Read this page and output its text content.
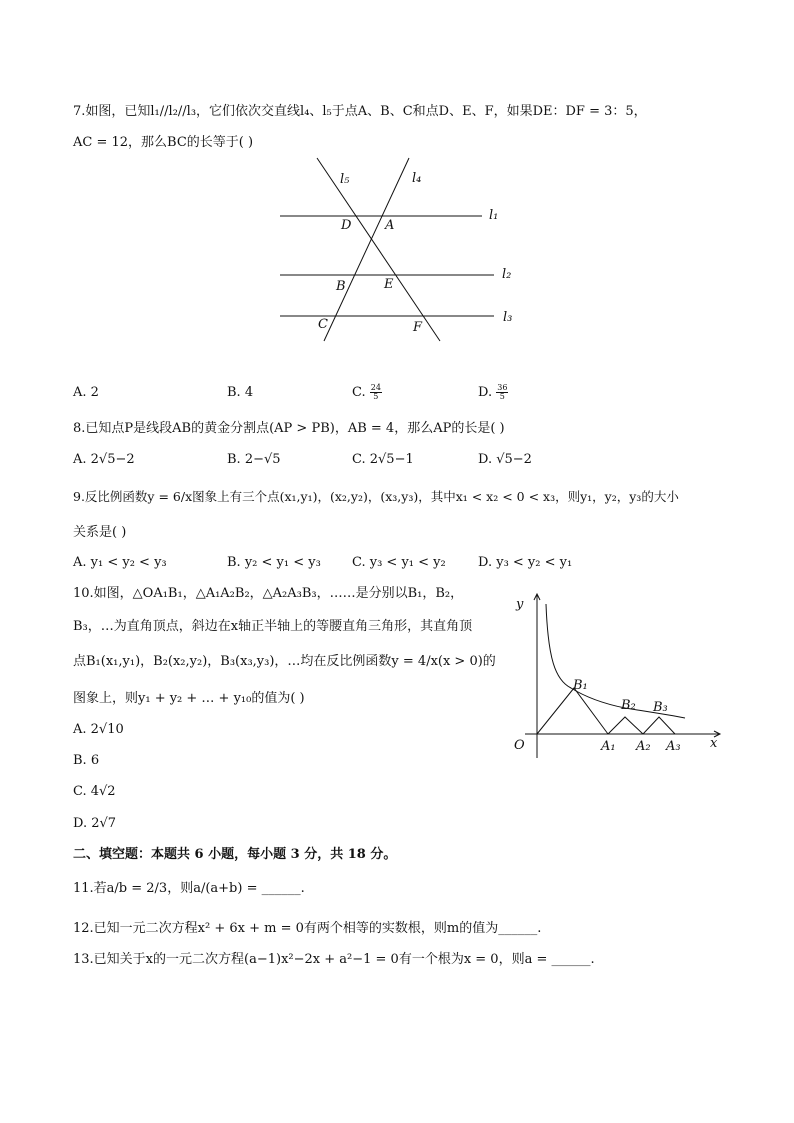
7.如图，已知l₁//l₂//l₃，它们依次交直线l₄、l₅于点A、B、C和点D、E、F，如果DE：DF = 3：5，
AC = 12，那么BC的长等于( )
l₅	l₄
l₁
l₂
l₃
D	A
B	E
C	F
A. 2	B. 4	C. $\frac{24}{5}$	D. $\frac{36}{5}$
8.已知点P是线段AB的黄金分割点(AP > PB)，AB = 4，那么AP的长是( )
A. 2√5−2	B. 2−√5	C. 2√5−1	D. √5−2
9.反比例函数y = 6/x图象上有三个点(x₁,y₁)，(x₂,y₂)，(x₃,y₃)，其中x₁ < x₂ < 0 < x₃，则y₁，y₂，y₃的大小
关系是( )
A. y₁ < y₂ < y₃	B. y₂ < y₁ < y₃ C. y₃ < y₁ < y₂ D. y₃ < y₂ < y₁
10.如图，△OA₁B₁，△A₁A₂B₂，△A₂A₃B₃，……是分别以B₁，B₂，
B₃，…为直角顶点，斜边在x轴正半轴上的等腰直角三角形，其直角顶
点B₁(x₁,y₁)，B₂(x₂,y₂)，B₃(x₃,y₃)，…均在反比例函数y = 4/x(x > 0)的
图象上，则y₁ + y₂ + … + y₁₀的值为( )
A. 2√10
B. 6
C. 4√2
D. 2√7
y
x
O
B₁
B₂ B₃
A₁ A₂ A₃
二、填空题：本题共 6 小题，每小题 3 分，共 18 分。
11.若a/b = 2/3，则a/(a+b) = ______.
12.已知一元二次方程x² + 6x + m = 0有两个相等的实数根，则m的值为______.
13.已知关于x的一元二次方程(a−1)x²−2x + a²−1 = 0有一个根为x = 0，则a = ______.
